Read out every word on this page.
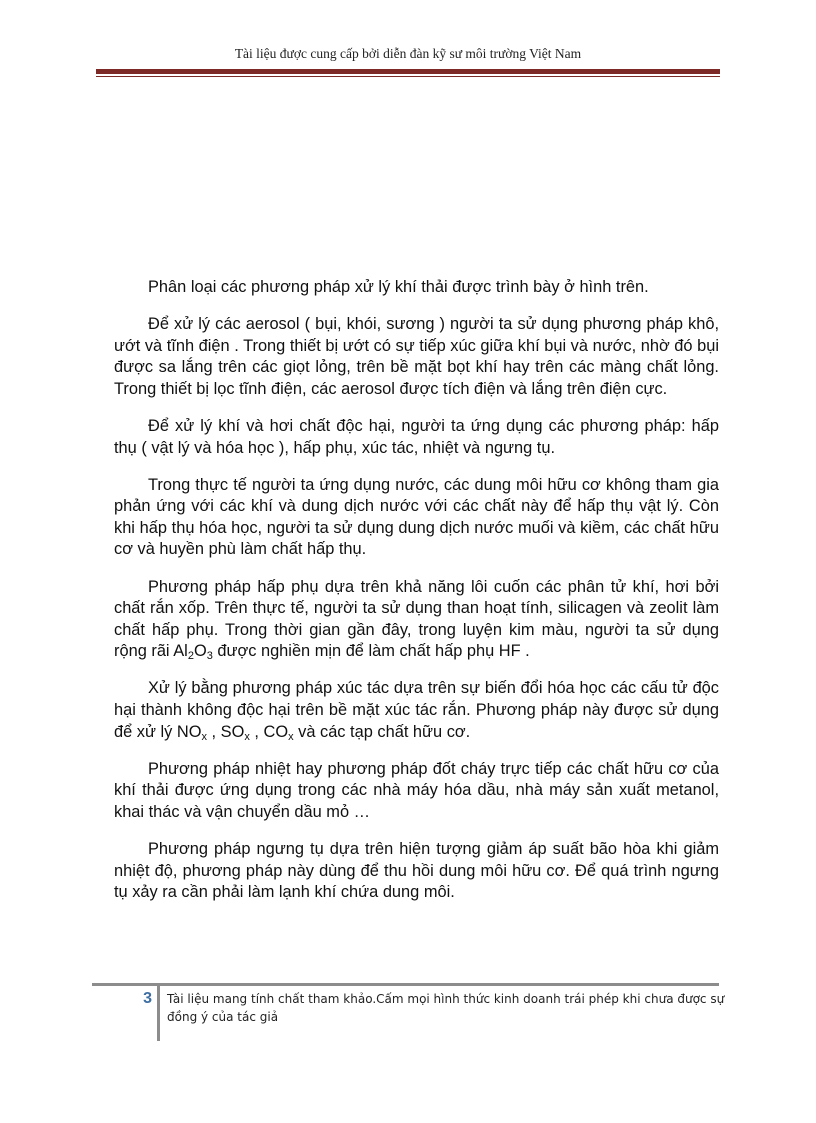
Tài liệu được cung cấp bởi diễn đàn kỹ sư môi trường Việt Nam

Phân loại các phương pháp xử lý khí thải được trình bày ở hình trên.

Để xử lý các aerosol ( bụi, khói, sương ) người ta sử dụng phương pháp khô, ướt và tĩnh điện . Trong thiết bị ướt có sự tiếp xúc giữa khí bụi và nước, nhờ đó bụi được sa lắng trên các giọt lỏng, trên bề mặt bọt khí hay trên các màng chất lỏng. Trong thiết bị lọc tĩnh điện, các aerosol được tích điện và lắng trên điện cực.

Để xử lý khí và hơi chất độc hại, người ta ứng dụng các phương pháp: hấp thụ ( vật lý và hóa học ), hấp phụ, xúc tác, nhiệt và ngưng tụ.

Trong thực tế người ta ứng dụng nước, các dung môi hữu cơ không tham gia phản ứng với các khí và dung dịch nước với các chất này để hấp thụ vật lý. Còn khi hấp thụ hóa học, người ta sử dụng dung dịch nước muối và kiềm, các chất hữu cơ và huyền phù làm chất hấp thụ.

Phương pháp hấp phụ dựa trên khả năng lôi cuốn các phân tử khí, hơi bởi chất rắn xốp. Trên thực tế, người ta sử dụng than hoạt tính, silicagen và zeolit làm chất hấp phụ. Trong thời gian gần đây, trong luyện kim màu, người ta sử dụng rộng rãi $Al_2O_3$ được nghiền mịn để làm chất hấp phụ HF .

Xử lý bằng phương pháp xúc tác dựa trên sự biến đổi hóa học các cấu tử độc hại thành không độc hại trên bề mặt xúc tác rắn. Phương pháp này được sử dụng để xử lý $NO_x$ , $SO_x$ , $CO_x$ và các tạp chất hữu cơ.

Phương pháp nhiệt hay phương pháp đốt cháy trực tiếp các chất hữu cơ của khí thải được ứng dụng trong các nhà máy hóa dầu, nhà máy sản xuất metanol, khai thác và vận chuyển dầu mỏ …

Phương pháp ngưng tụ dựa trên hiện tượng giảm áp suất bão hòa khi giảm nhiệt độ, phương pháp này dùng để thu hồi dung môi hữu cơ. Để quá trình ngưng tụ xảy ra cần phải làm lạnh khí chứa dung môi.

3 Tài liệu mang tính chất tham khảo.Cấm mọi hình thức kinh doanh trái phép khi chưa được sự đồng ý của tác giả
